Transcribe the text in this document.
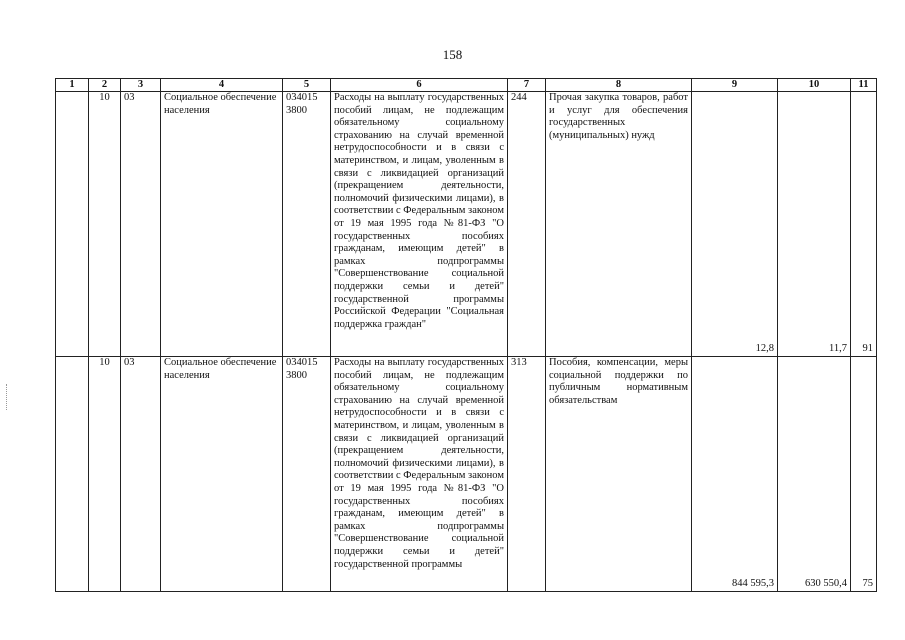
158
1	2	3	4	5	6	7	8	9	10	11
	10	03	Социальное обеспечение населения	034015 3800	Расходы на выплату государственных пособий лицам, не подлежащим обязательному социальному страхованию на случай временной нетрудоспособности и в связи с материнством, и лицам, уволенным в связи с ликвидацией организаций (прекращением деятельности, полномочий физическими лицами), в соответствии с Федеральным законом от 19 мая 1995 года №81-ФЗ "О государственных пособиях гражданам, имеющим детей" в рамках подпрограммы "Совершенствование социальной поддержки семьи и детей" государственной программы Российской Федерации "Социальная поддержка граждан"	244	Прочая закупка товаров, работ и услуг для обеспечения государственных (муниципальных) нужд	12,8	11,7	91
	10	03	Социальное обеспечение населения	034015 3800	Расходы на выплату государственных пособий лицам, не подлежащим обязательному социальному страхованию на случай временной нетрудоспособности и в связи с материнством, и лицам, уволенным в связи с ликвидацией организаций (прекращением деятельности, полномочий физическими лицами), в соответствии с Федеральным законом от 19 мая 1995 года №81-ФЗ "О государственных пособиях гражданам, имеющим детей" в рамках подпрограммы "Совершенствование социальной поддержки семьи и детей" государственной программы	313	Пособия, компенсации, меры социальной поддержки по публичным нормативным обязательствам	844 595,3	630 550,4	75
